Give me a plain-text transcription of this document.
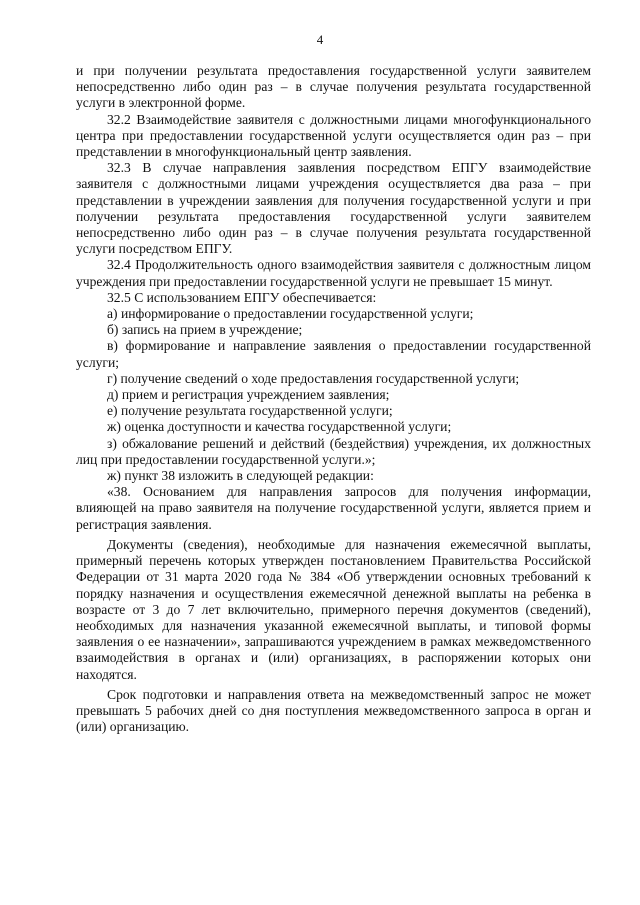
4

и при получении результата предоставления государственной услуги заявителем непосредственно либо один раз – в случае получения результата государственной услуги в электронной форме.

32.2 Взаимодействие заявителя с должностными лицами многофункционального центра при предоставлении государственной услуги осуществляется один раз – при представлении в многофункциональный центр заявления.

32.3 В случае направления заявления посредством ЕПГУ взаимодействие заявителя с должностными лицами учреждения осуществляется два раза – при представлении в учреждении заявления для получения государственной услуги и при получении результата предоставления государственной услуги заявителем непосредственно либо один раз – в случае получения результата государственной услуги посредством ЕПГУ.

32.4 Продолжительность одного взаимодействия заявителя с должностным лицом учреждения при предоставлении государственной услуги не превышает 15 минут.

32.5 С использованием ЕПГУ обеспечивается:

а) информирование о предоставлении государственной услуги;

б) запись на прием в учреждение;

в) формирование и направление заявления о предоставлении государственной услуги;

г) получение сведений о ходе предоставления государственной услуги;

д) прием и регистрация учреждением заявления;

е) получение результата государственной услуги;

ж) оценка доступности и качества государственной услуги;

з) обжалование решений и действий (бездействия) учреждения, их должностных лиц при предоставлении государственной услуги.»;

ж) пункт 38 изложить в следующей редакции:

«38. Основанием для направления запросов для получения информации, влияющей на право заявителя на получение государственной услуги, является прием и регистрация заявления.

Документы (сведения), необходимые для назначения ежемесячной выплаты, примерный перечень которых утвержден постановлением Правительства Российской Федерации от 31 марта 2020 года № 384 «Об утверждении основных требований к порядку назначения и осуществления ежемесячной денежной выплаты на ребенка в возрасте от 3 до 7 лет включительно, примерного перечня документов (сведений), необходимых для назначения указанной ежемесячной выплаты, и типовой формы заявления о ее назначении», запрашиваются учреждением в рамках межведомственного взаимодействия в органах и (или) организациях, в распоряжении которых они находятся.

Срок подготовки и направления ответа на межведомственный запрос не может превышать 5 рабочих дней со дня поступления межведомственного запроса в орган и (или) организацию.
